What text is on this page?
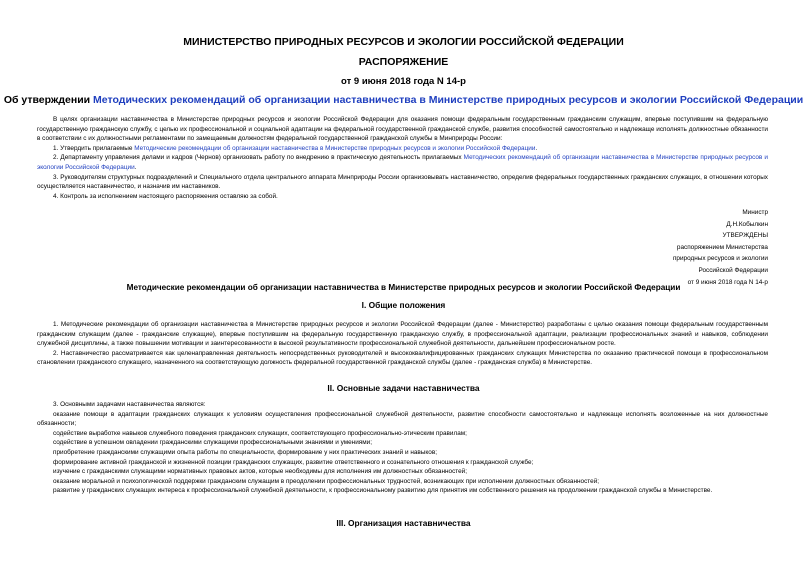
МИНИСТЕРСТВО ПРИРОДНЫХ РЕСУРСОВ И ЭКОЛОГИИ РОССИЙСКОЙ ФЕДЕРАЦИИ
РАСПОРЯЖЕНИЕ
от 9 июня 2018 года N 14-р
Об утверждении Методических рекомендаций об организации наставничества в Министерстве природных ресурсов и экологии Российской Федерации

В целях организации наставничества в Министерстве природных ресурсов и экологии Российской Федерации для оказания помощи федеральным государственным гражданским служащим, впервые поступившим на федеральную государственную гражданскую службу, с целью их профессиональной и социальной адаптации на федеральной государственной гражданской службе, развития способностей самостоятельно и надлежаще исполнять должностные обязанности в соответствии с их должностными регламентами по замещаемым должностям федеральной государственной гражданской службы в Минприроды России:

1. Утвердить прилагаемые Методические рекомендации об организации наставничества в Министерстве природных ресурсов и экологии Российской Федерации.

2. Департаменту управления делами и кадров (Чернов) организовать работу по внедрению в практическую деятельность прилагаемых Методических рекомендаций об организации наставничества в Министерстве природных ресурсов и экологии Российской Федерации.

3. Руководителям структурных подразделений и Специального отдела центрального аппарата Минприроды России организовывать наставничество, определив федеральных государственных гражданских служащих, в отношении которых осуществляется наставничество, и назначив им наставников.

4. Контроль за исполнением настоящего распоряжения оставляю за собой.

Министр
Д.Н.Кобылкин
УТВЕРЖДЕНЫ
распоряжением Министерства
природных ресурсов и экологии
Российской Федерации
от 9 июня 2018 года N 14-р
Методические рекомендации об организации наставничества в Министерстве природных ресурсов и экологии Российской Федерации
I. Общие положения

1. Методические рекомендации об организации наставничества в Министерстве природных ресурсов и экологии Российской Федерации (далее - Министерство) разработаны с целью оказания помощи федеральным государственным гражданским служащим (далее - гражданские служащие), впервые поступившим на федеральную государственную гражданскую службу, в профессиональной адаптации, реализации профессиональных знаний и навыков, соблюдении служебной дисциплины, а также повышении мотивации и заинтересованности в высокой результативности профессиональной служебной деятельности, дальнейшем профессиональном росте.

2. Наставничество рассматривается как целенаправленная деятельность непосредственных руководителей и высококвалифицированных гражданских служащих Министерства по оказанию практической помощи в профессиональном становлении гражданского служащего, назначенного на соответствующую должность федеральной государственной гражданской службы (далее - гражданская служба) в Министерстве.

II. Основные задачи наставничества

3. Основными задачами наставничества являются:

оказание помощи в адаптации гражданских служащих к условиям осуществления профессиональной служебной деятельности, развитие способности самостоятельно и надлежаще исполнять возложенные на них должностные обязанности;

содействие выработке навыков служебного поведения гражданских служащих, соответствующего профессионально-этическим правилам;

содействие в успешном овладении гражданскими служащими профессиональными знаниями и умениями;

приобретение гражданскими служащими опыта работы по специальности, формирование у них практических знаний и навыков;

формирование активной гражданской и жизненной позиции гражданских служащих, развитие ответственного и сознательного отношения к гражданской службе;

изучение с гражданскими служащими нормативных правовых актов, которые необходимы для исполнения им должностных обязанностей;

оказание моральной и психологической поддержки гражданским служащим в преодолении профессиональных трудностей, возникающих при исполнении должностных обязанностей;

развитие у гражданских служащих интереса к профессиональной служебной деятельности, к профессиональному развитию для принятия им собственного решения на продолжении гражданской службы в Министерстве.

III. Организация наставничества
